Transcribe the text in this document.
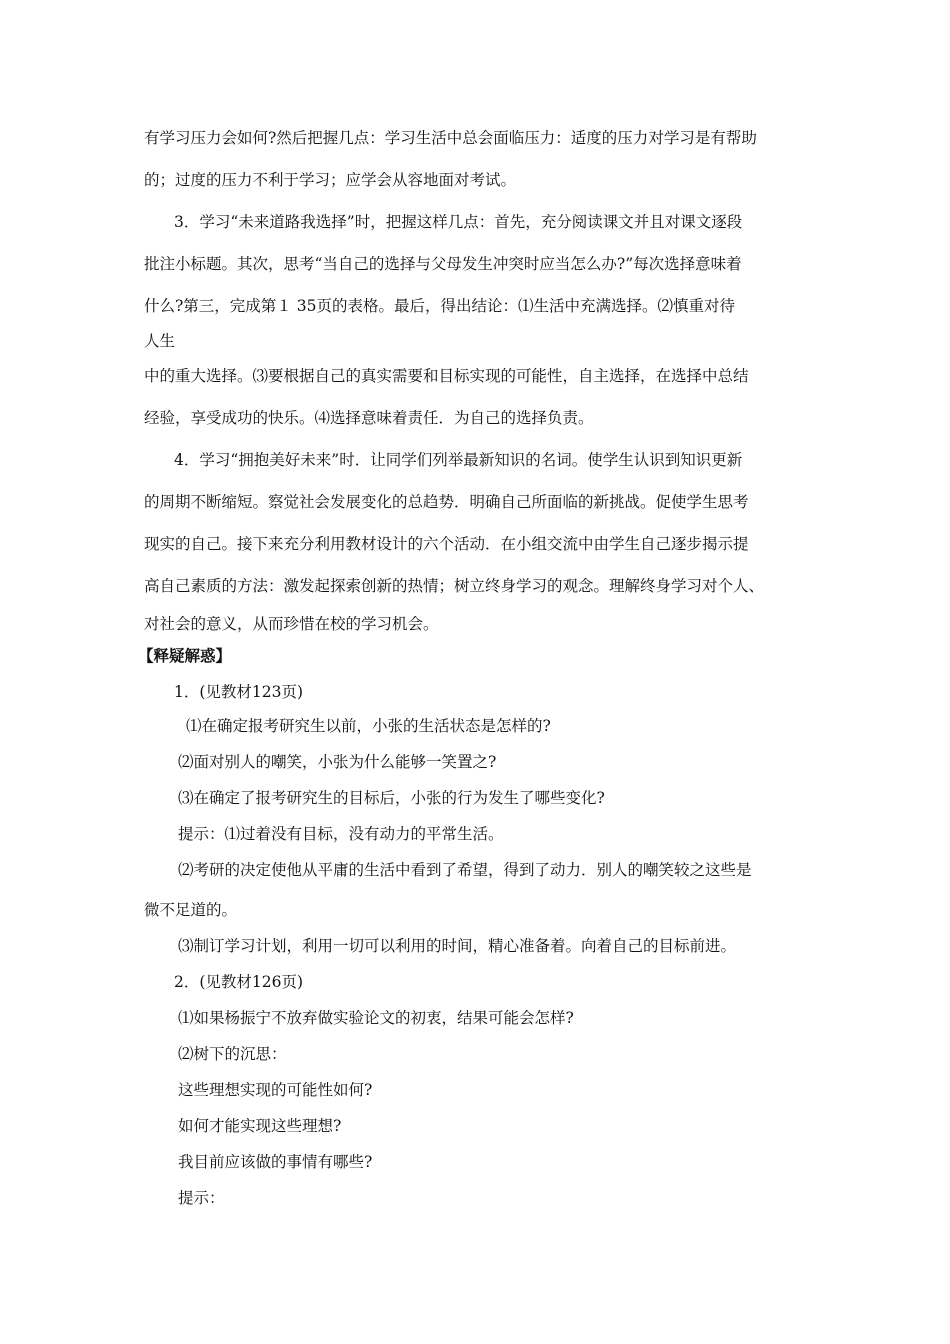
有学习压力会如何?然后把握几点：学习生活中总会面临压力：适度的压力对学习是有帮助
的；过度的压力不利于学习；应学会从容地面对考试。
3．学习“未来道路我选择”时，把握这样几点：首先，充分阅读课文并且对课文逐段
批注小标题。其次，思考“当自己的选择与父母发生冲突时应当怎么办?”每次选择意味着
什么?第三，完成第１ 35页的表格。最后，得出结论：⑴生活中充满选择。⑵慎重对待
人生
中的重大选择。⑶要根据自己的真实需要和目标实现的可能性，自主选择，在选择中总结
经验，享受成功的快乐。⑷选择意味着责任．为自己的选择负责。
4．学习“拥抱美好未来”时．让同学们列举最新知识的名词。使学生认识到知识更新
的周期不断缩短。察觉社会发展变化的总趋势．明确自己所面临的新挑战。促使学生思考
现实的自己。接下来充分利用教材设计的六个活动．在小组交流中由学生自己逐步揭示提
高自己素质的方法：激发起探索创新的热情；树立终身学习的观念。理解终身学习对个人、
对社会的意义，从而珍惜在校的学习机会。
【释疑解惑】
1．(见教材123页)
⑴在确定报考研究生以前，小张的生活状态是怎样的?
⑵面对别人的嘲笑，小张为什么能够一笑置之?
⑶在确定了报考研究生的目标后，小张的行为发生了哪些变化?
提示：⑴过着没有目标，没有动力的平常生活。
⑵考研的决定使他从平庸的生活中看到了希望，得到了动力．别人的嘲笑较之这些是
微不足道的。
⑶制订学习计划，利用一切可以利用的时间，精心准备着。向着自己的目标前进。
2．(见教材126页)
⑴如果杨振宁不放弃做实验论文的初衷，结果可能会怎样?
⑵树下的沉思：
这些理想实现的可能性如何?
如何才能实现这些理想?
我目前应该做的事情有哪些?
提示：
